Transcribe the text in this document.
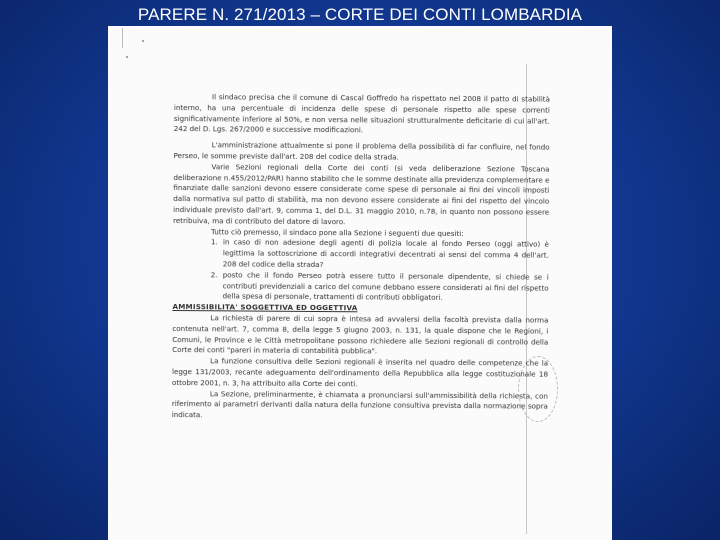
PARERE N. 271/2013 – CORTE DEI CONTI LOMBARDIA

Il sindaco precisa che il comune di Cascal Goffredo ha rispettato nel 2008 il patto di stabilità interno, ha una percentuale di incidenza delle spese di personale rispetto alle spese correnti significativamente inferiore al 50%, e non versa nelle situazioni strutturalmente deficitarie di cui all'art. 242 del D. Lgs. 267/2000 e successive modificazioni.

L'amministrazione attualmente si pone il problema della possibilità di far confluire, nel fondo Perseo, le somme previste dall'art. 208 del codice della strada.

Varie Sezioni regionali della Corte dei conti (si veda deliberazione Sezione Toscana deliberazione n.455/2012/PAR) hanno stabilito che le somme destinate alla previdenza complementare e finanziate dalle sanzioni devono essere considerate come spese di personale ai fini dei vincoli imposti dalla normativa sul patto di stabilità, ma non devono essere considerate ai fini del rispetto del vincolo individuale previsto dall'art. 9, comma 1, del D.L. 31 maggio 2010, n.78, in quanto non possono essere retribuiva, ma di contributo del datore di lavoro.

Tutto ciò premesso, il sindaco pone alla Sezione i seguenti due quesiti:

1. in caso di non adesione degli agenti di polizia locale al fondo Perseo (oggi attivo) è legittima la sottoscrizione di accordi integrativi decentrati ai sensi del comma 4 dell'art. 208 del codice della strada?
2. posto che il fondo Perseo potrà essere tutto il personale dipendente, si chiede se i contributi previdenziali a carico del comune debbano essere considerati ai fini del rispetto della spesa di personale, trattamenti di contributi obbligatori.

AMMISSIBILITA' SOGGETTIVA ED OGGETTIVA

La richiesta di parere di cui sopra è intesa ad avvalersi della facoltà prevista dalla norma contenuta nell'art. 7, comma 8, della legge 5 giugno 2003, n. 131, la quale dispone che le Regioni, i Comuni, le Province e le Città metropolitane possono richiedere alle Sezioni regionali di controllo della Corte dei conti "pareri in materia di contabilità pubblica".

La funzione consultiva delle Sezioni regionali è inserita nel quadro delle competenze che la legge 131/2003, recante adeguamento dell'ordinamento della Repubblica alla legge costituzionale 18 ottobre 2001, n. 3, ha attribuito alla Corte dei conti.

La Sezione, preliminarmente, è chiamata a pronunciarsi sull'ammissibilità della richiesta, con riferimento ai parametri derivanti dalla natura della funzione consultiva prevista dalla normazione sopra indicata.
